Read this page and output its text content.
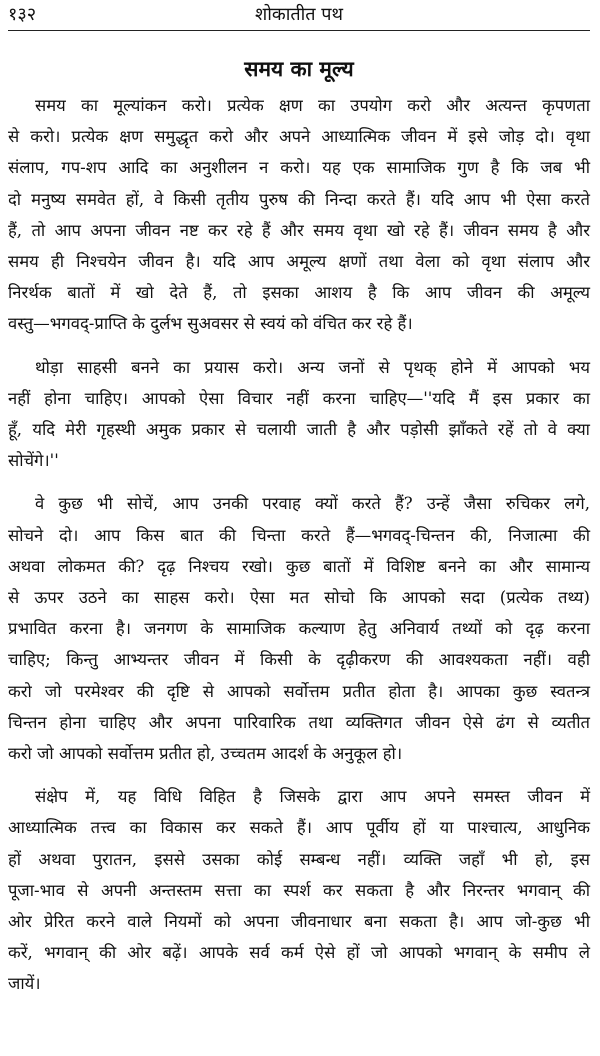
१३२	शोकातीत पथ
समय का मूल्य

समय का मूल्यांकन करो। प्रत्येक क्षण का उपयोग करो और अत्यन्त कृपणता
से करो। प्रत्येक क्षण समुद्धृत करो और अपने आध्यात्मिक जीवन में इसे जोड़ दो। वृथा
संलाप, गप-शप आदि का अनुशीलन न करो। यह एक सामाजिक गुण है कि जब भी
दो मनुष्य समवेत हों, वे किसी तृतीय पुरुष की निन्दा करते हैं। यदि आप भी ऐसा करते
हैं, तो आप अपना जीवन नष्ट कर रहे हैं और समय वृथा खो रहे हैं। जीवन समय है और
समय ही निश्चयेन जीवन है। यदि आप अमूल्य क्षणों तथा वेला को वृथा संलाप और
निरर्थक बातों में खो देते हैं, तो इसका आशय है कि आप जीवन की अमूल्य
वस्तु—भगवद्-प्राप्ति के दुर्लभ सुअवसर से स्वयं को वंचित कर रहे हैं।

थोड़ा साहसी बनने का प्रयास करो। अन्य जनों से पृथक् होने में आपको भय
नहीं होना चाहिए। आपको ऐसा विचार नहीं करना चाहिए—''यदि मैं इस प्रकार का
हूँ, यदि मेरी गृहस्थी अमुक प्रकार से चलायी जाती है और पड़ोसी झाँकते रहें तो वे क्या
सोचेंगे।''

वे कुछ भी सोचें, आप उनकी परवाह क्यों करते हैं? उन्हें जैसा रुचिकर लगे,
सोचने दो। आप किस बात की चिन्ता करते हैं—भगवद्-चिन्तन की, निजात्मा की
अथवा लोकमत की? दृढ़ निश्चय रखो। कुछ बातों में विशिष्ट बनने का और सामान्य
से ऊपर उठने का साहस करो। ऐसा मत सोचो कि आपको सदा (प्रत्येक तथ्य)
प्रभावित करना है। जनगण के सामाजिक कल्याण हेतु अनिवार्य तथ्यों को दृढ़ करना
चाहिए; किन्तु आभ्यन्तर जीवन में किसी के दृढ़ीकरण की आवश्यकता नहीं। वही
करो जो परमेश्वर की दृष्टि से आपको सर्वोत्तम प्रतीत होता है। आपका कुछ स्वतन्त्र
चिन्तन होना चाहिए और अपना पारिवारिक तथा व्यक्तिगत जीवन ऐसे ढंग से व्यतीत
करो जो आपको सर्वोत्तम प्रतीत हो, उच्चतम आदर्श के अनुकूल हो।

संक्षेप में, यह विधि विहित है जिसके द्वारा आप अपने समस्त जीवन में
आध्यात्मिक तत्त्व का विकास कर सकते हैं। आप पूर्वीय हों या पाश्चात्य, आधुनिक
हों अथवा पुरातन, इससे उसका कोई सम्बन्ध नहीं। व्यक्ति जहाँ भी हो, इस
पूजा-भाव से अपनी अन्तस्तम सत्ता का स्पर्श कर सकता है और निरन्तर भगवान् की
ओर प्रेरित करने वाले नियमों को अपना जीवनाधार बना सकता है। आप जो-कुछ भी
करें, भगवान् की ओर बढ़ें। आपके सर्व कर्म ऐसे हों जो आपको भगवान् के समीप ले
जायें।
